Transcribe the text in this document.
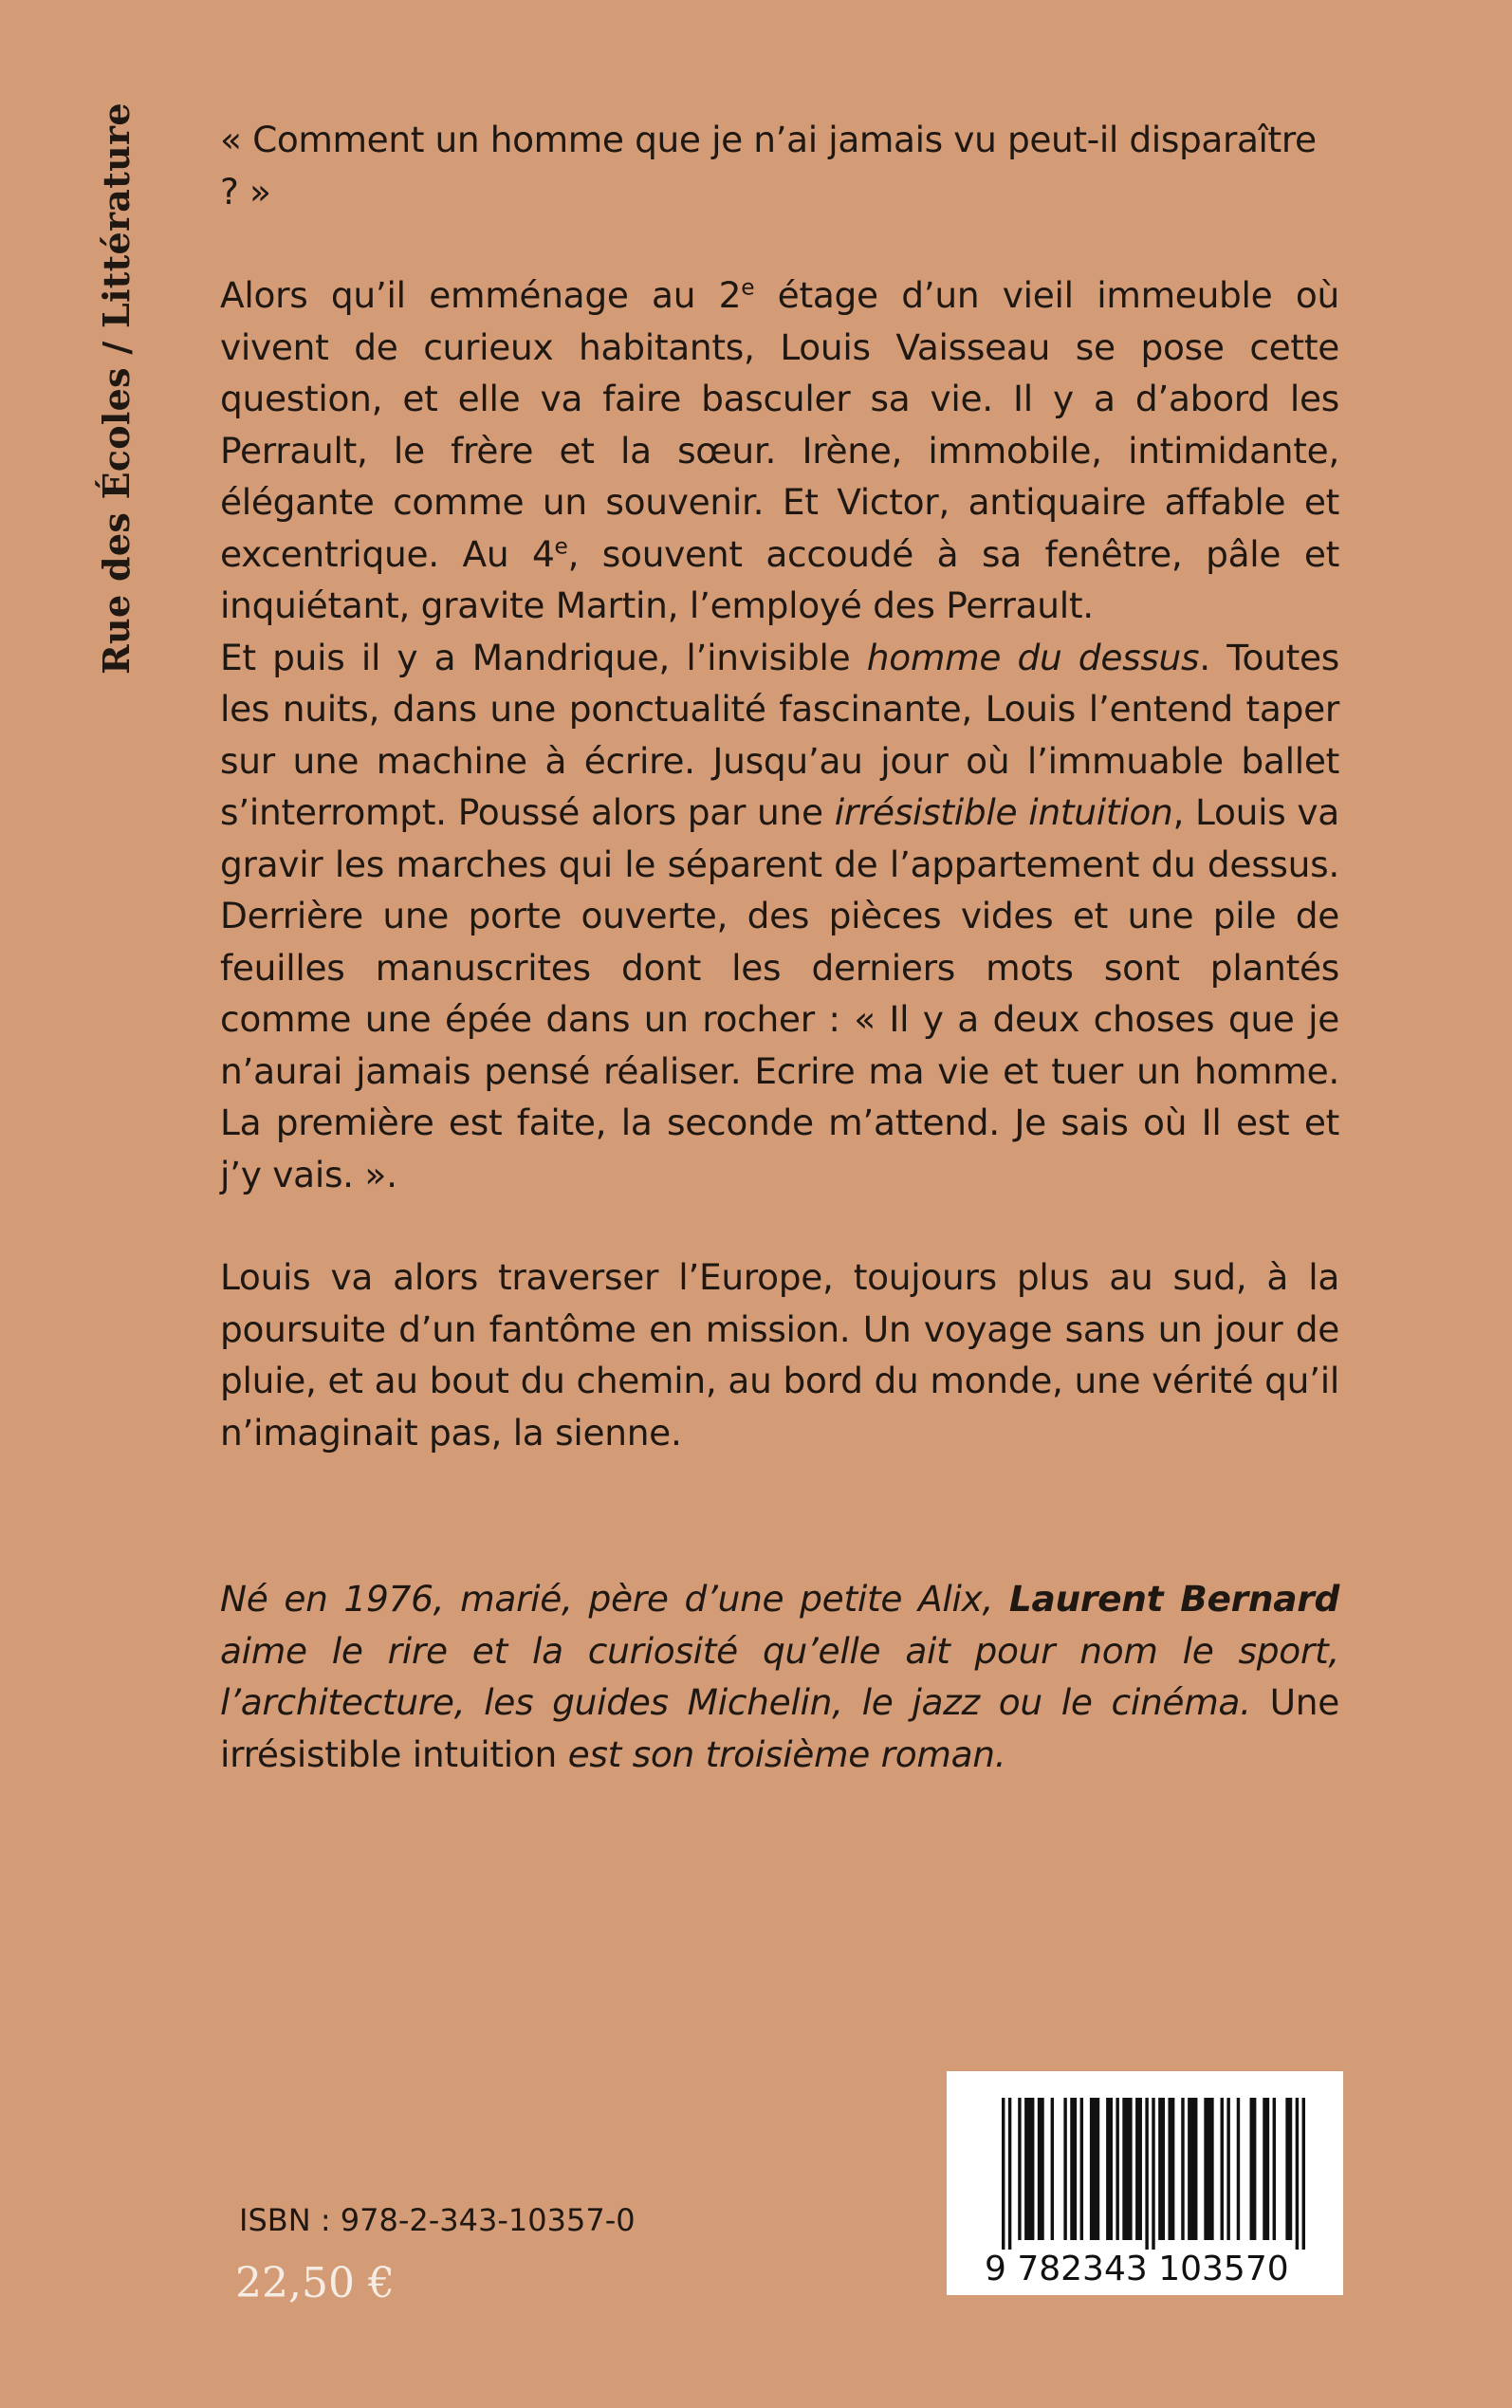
Rue des Écoles / Littérature « Comment un homme que je n’ai jamais vu peut-il disparaître ? »

Alors qu’il emménage au 2e étage d’un vieil immeuble où vivent de curieux habitants, Louis Vaisseau se pose cette question, et elle va faire basculer sa vie. Il y a d’abord les Perrault, le frère et la sœur. Irène, immobile, intimidante, élégante comme un souvenir. Et Victor, antiquaire affable et excentrique. Au 4e, souvent accoudé à sa fenêtre, pâle et inquiétant, gravite Martin, l’employé des Perrault.

Et puis il y a Mandrique, l’invisible homme du dessus. Toutes les nuits, dans une ponctualité fascinante, Louis l’entend taper sur une machine à écrire. Jusqu’au jour où l’immuable ballet s’interrompt. Poussé alors par une irrésistible intuition, Louis va gravir les marches qui le séparent de l’appartement du dessus. Derrière une porte ouverte, des pièces vides et une pile de feuilles manuscrites dont les derniers mots sont plantés comme une épée dans un rocher : « Il y a deux choses que je n’aurai jamais pensé réaliser. Ecrire ma vie et tuer un homme. La première est faite, la seconde m’attend. Je sais où Il est et j’y vais. ».

Louis va alors traverser l’Europe, toujours plus au sud, à la poursuite d’un fantôme en mission. Un voyage sans un jour de pluie, et au bout du chemin, au bord du monde, une vérité qu’il n’imaginait pas, la sienne.

Né en 1976, marié, père d’une petite Alix, Laurent Bernard aime le rire et la curiosité qu’elle ait pour nom le sport, l’architecture, les guides Michelin, le jazz ou le cinéma. Une irrésistible intuition est son troisième roman.
9 782343 103570
ISBN : 978-2-343-10357-0
22,50 €
